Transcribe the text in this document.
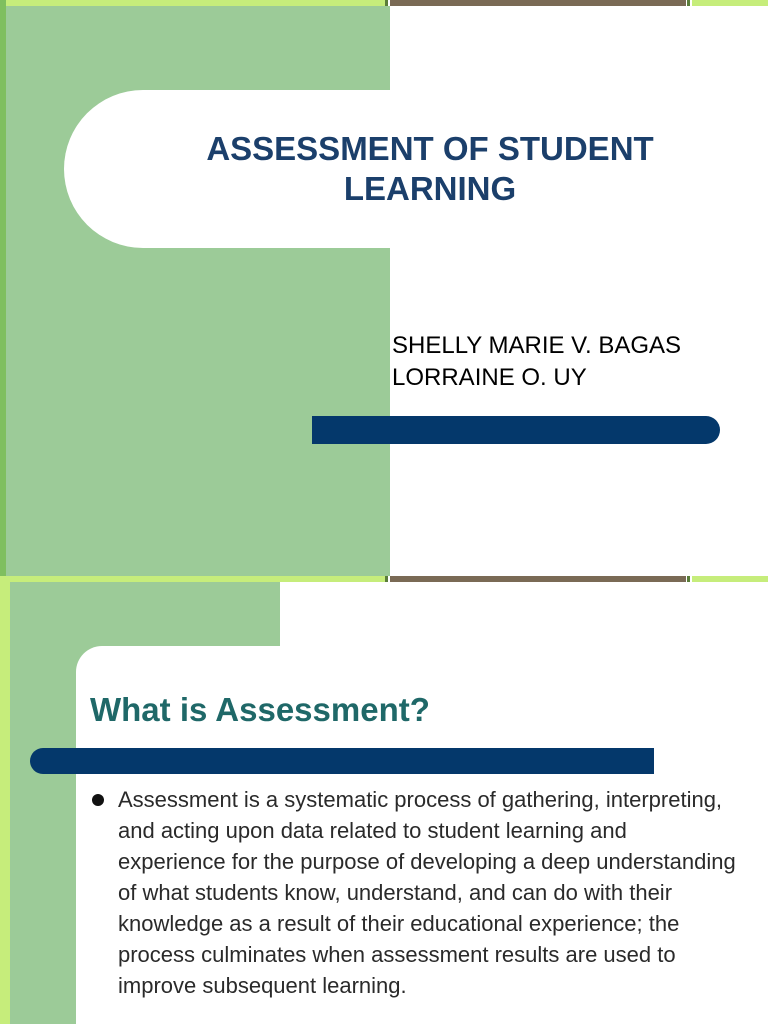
ASSESSMENT OF STUDENT LEARNING
SHELLY MARIE V. BAGAS
LORRAINE O. UY
What is Assessment?
Assessment is a systematic process of gathering, interpreting, and acting upon data related to student learning and experience for the purpose of developing a deep understanding of what students know, understand, and can do with their knowledge as a result of their educational experience; the process culminates when assessment results are used to improve subsequent learning.
